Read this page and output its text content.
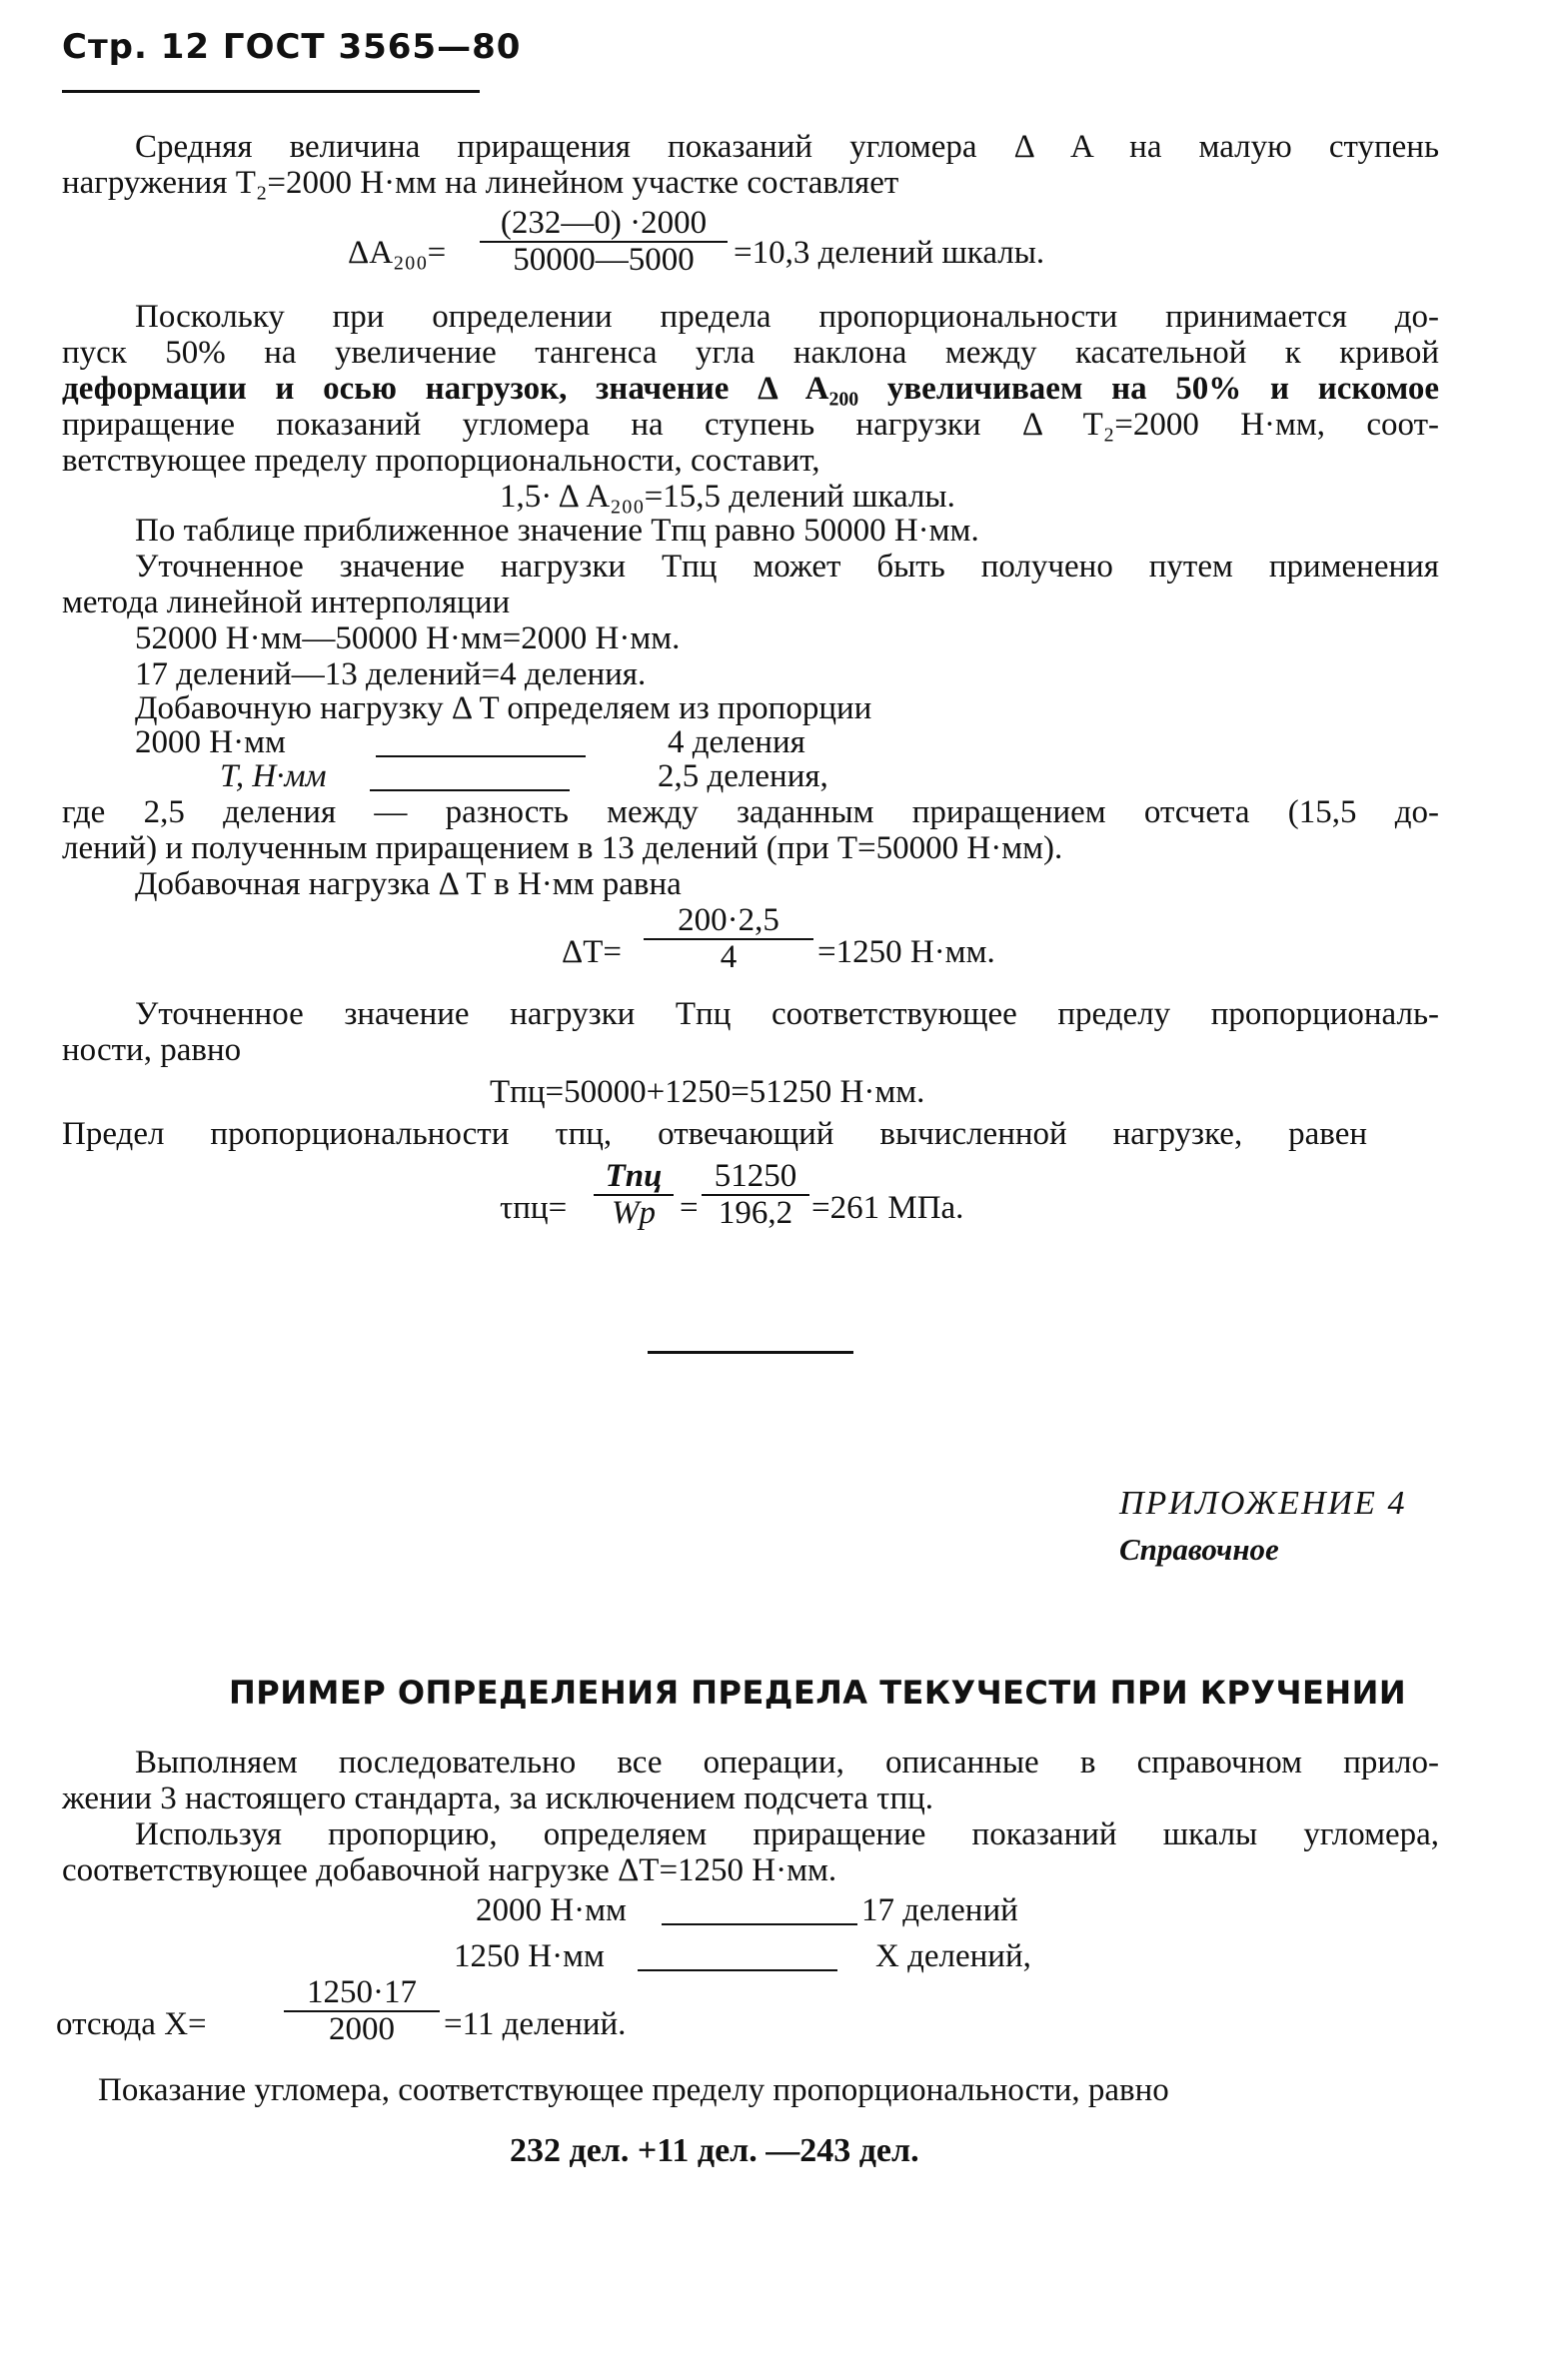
Стр. 12 ГОСТ 3565—80
Средняя величина приращения показаний угломера Δ A на малую ступень
нагружения T₂=2000 Н·мм на линейном участке составляет
$\Delta A_{200}= \frac{(232—0) \cdot 2000}{50000—5000} =10,3$ делений шкалы.
Поскольку при определении предела пропорциональности принимается до-
пуск 50% на увеличение тангенса угла наклона между касательной к кривой
деформации и осью нагрузок, значение Δ A₂₀₀ увеличиваем на 50% и искомое
приращение показаний угломера на ступень нагрузки Δ T₂=2000 Н·мм, соот-
ветствующее пределу пропорциональности, составит,
1,5· Δ A₂₀₀=15,5 делений шкалы.
По таблице приближенное значение Tпц равно 50000 Н·мм.
Уточненное значение нагрузки Tпц может быть получено путем применения
метода линейной интерполяции
52000 Н·мм—50000 Н·мм=2000 Н·мм.
17 делений—13 делений=4 деления.
Добавочную нагрузку Δ T определяем из пропорции
2000 Н·мм	4 деления
T, Н·мм	2,5 деления,
где 2,5 деления — разность между заданным приращением отсчета (15,5 до-
лений) и полученным приращением в 13 делений (при T=50000 Н·мм).
Добавочная нагрузка Δ T в Н·мм равна
$\Delta T= \frac{200\cdot 2,5}{4} =1250$ Н·мм.
Уточненное значение нагрузки Tпц соответствующее пределу пропорциональ-
ности, равно
Tпц=50000+1250=51250 Н·мм.
Предел пропорциональности τпц, отвечающий вычисленной нагрузке, равен
τпц=
Tпц
$Wp = \frac{51250}{196,2} =261$ МПа.
ПРИЛОЖЕНИЕ 4
Справочное
ПРИМЕР ОПРЕДЕЛЕНИЯ ПРЕДЕЛА ТЕКУЧЕСТИ ПРИ КРУЧЕНИИ
Выполняем последовательно все операции, описанные в справочном прило-
жении 3 настоящего стандарта, за исключением подсчета τпц.
Используя пропорцию, определяем приращение показаний шкалы угломера,
соответствующее добавочной нагрузке ΔT=1250 Н·мм.
2000 Н·мм	17 делений
1250 Н·мм	X делений,
отсюда $X= \frac{1250\cdot 17}{2000} =11$ делений.
Показание угломера, соответствующее пределу пропорциональности, равно
232 дел. +11 дел. —243 дел.
